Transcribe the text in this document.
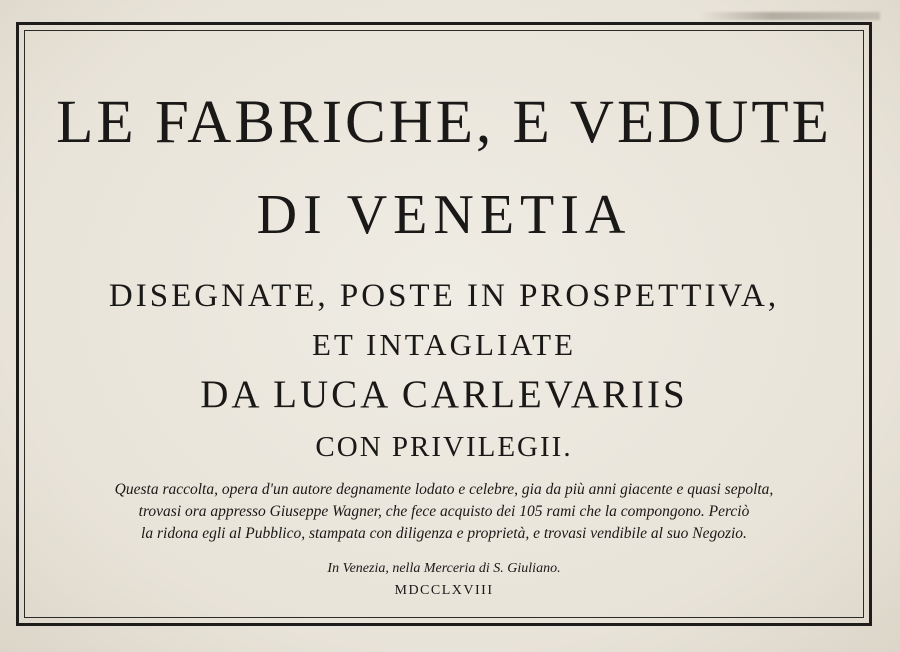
LE FABRICHE, E VEDUTE
DI VENETIA
DISEGNATE, POSTE IN PROSPETTIVA,
ET INTAGLIATE
DA LUCA CARLEVARIIS
CON PRIVILEGII.
Questa raccolta, opera d'un autore degnamente lodato e celebre, gia da più anni giacente e quasi sepolta,
trovasi ora appresso Giuseppe Wagner, che fece acquisto dei 105 rami che la compongono. Perciò
la ridona egli al Pubblico, stampata con diligenza e proprietà, e trovasi vendibile al suo Negozio.
In Venezia, nella Merceria di S. Giuliano.
MDCCLXVIII
